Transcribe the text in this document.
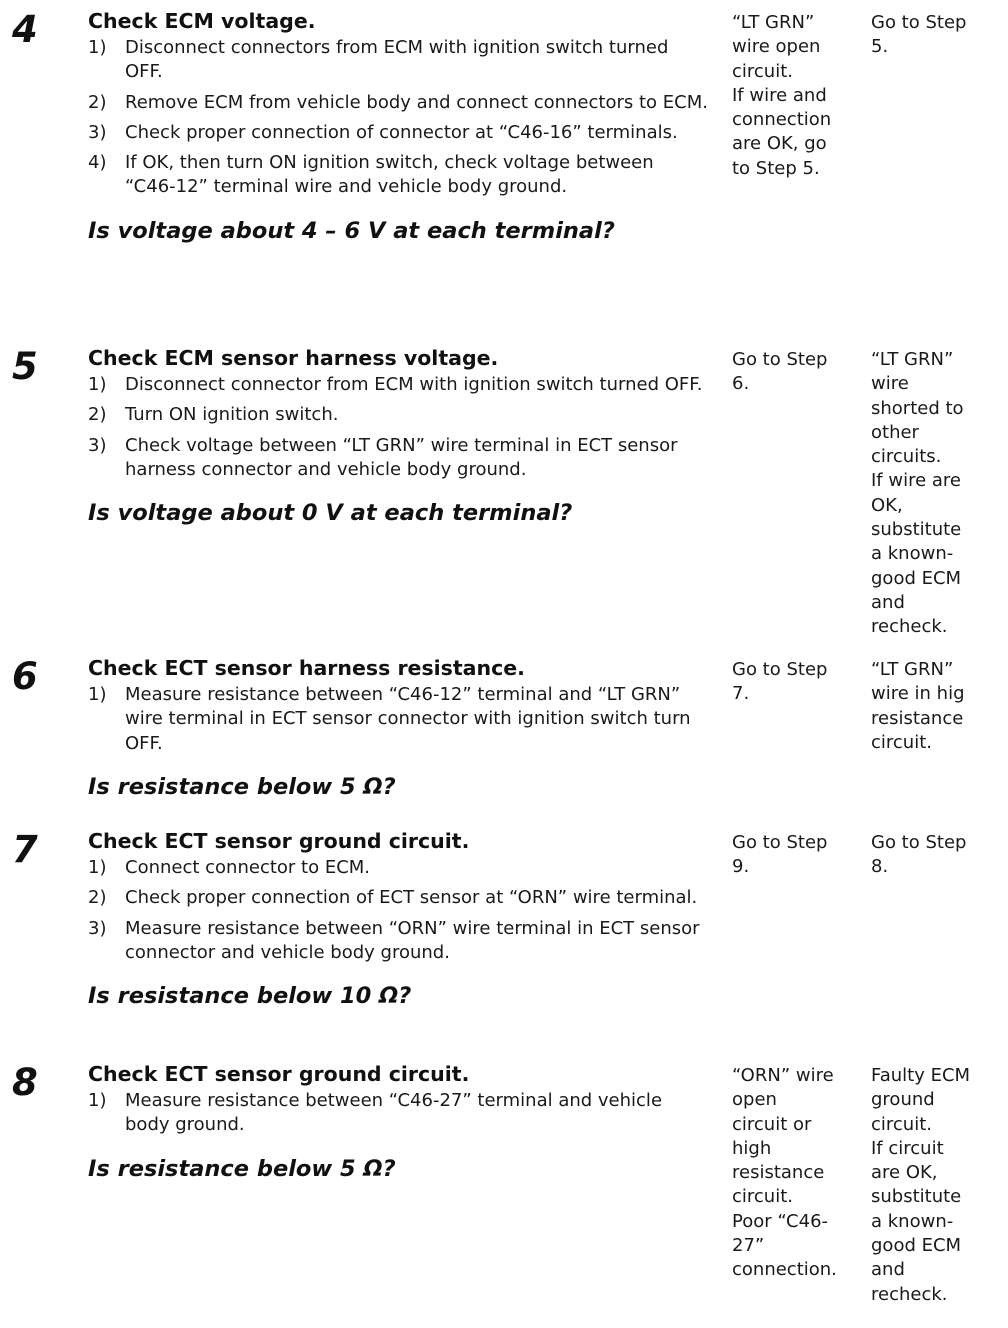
4 Check ECM voltage.
1) Disconnect connectors from ECM with ignition switch turned OFF.
2) Remove ECM from vehicle body and connect connectors to ECM.
3) Check proper connection of connector at “C46-16” terminals.
4) If OK, then turn ON ignition switch, check voltage between “C46-12” terminal wire and vehicle body ground.
Is voltage about 4 – 6 V at each terminal?
“LT GRN”
wire open
circuit.
If wire and
connection
are OK, go
to Step 5.
Go to Step
5.
5 Check ECM sensor harness voltage.
1) Disconnect connector from ECM with ignition switch turned OFF.
2) Turn ON ignition switch.
3) Check voltage between “LT GRN” wire terminal in ECT sensor harness connector and vehicle body ground.
Is voltage about 0 V at each terminal?
Go to Step
6.
“LT GRN”
wire
shorted to
other
circuits.
If wire are
OK,
substitute
a known-
good ECM
and
recheck.
6 Check ECT sensor harness resistance.
1) Measure resistance between “C46-12” terminal and “LT GRN” wire terminal in ECT sensor connector with ignition switch turn OFF.
Is resistance below 5 Ω?
Go to Step
7.
“LT GRN”
wire in hig
resistance
circuit.
7 Check ECT sensor ground circuit.
1) Connect connector to ECM.
2) Check proper connection of ECT sensor at “ORN” wire terminal.
3) Measure resistance between “ORN” wire terminal in ECT sensor connector and vehicle body ground.
Is resistance below 10 Ω?
Go to Step
9.
Go to Step
8.
8 Check ECT sensor ground circuit.
1) Measure resistance between “C46-27” terminal and vehicle body ground.
Is resistance below 5 Ω?
“ORN” wire
open
circuit or
high
resistance
circuit.
Poor “C46-
27”
connection.
Faulty ECM
ground
circuit.
If circuit
are OK,
substitute
a known-
good ECM
and
recheck.
